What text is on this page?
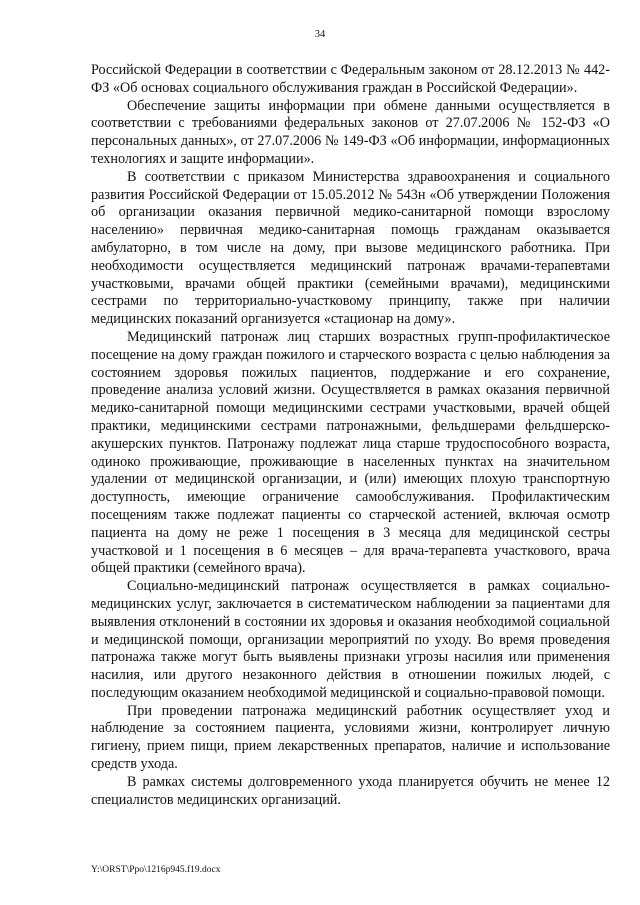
34

Российской Федерации в соответствии с Федеральным законом от 28.12.2013 № 442-ФЗ «Об основах социального обслуживания граждан в Российской Федерации».

Обеспечение защиты информации при обмене данными осуществляется в соответствии с требованиями федеральных законов от 27.07.2006 № 152-ФЗ «О персональных данных», от 27.07.2006 № 149-ФЗ «Об информации, информационных технологиях и защите информации».

В соответствии с приказом Министерства здравоохранения и социального развития Российской Федерации от 15.05.2012 № 543н «Об утверждении Положения об организации оказания первичной медико-санитарной помощи взрослому населению» первичная медико-санитарная помощь гражданам оказывается амбулаторно, в том числе на дому, при вызове медицинского работника. При необходимости осуществляется медицинский патронаж врачами-терапевтами участковыми, врачами общей практики (семейными врачами), медицинскими сестрами по территориально-участковому принципу, также при наличии медицинских показаний организуется «стационар на дому».

Медицинский патронаж лиц старших возрастных групп-профилактическое посещение на дому граждан пожилого и старческого возраста с целью наблюдения за состоянием здоровья пожилых пациентов, поддержание и его сохранение, проведение анализа условий жизни. Осуществляется в рамках оказания первичной медико-санитарной помощи медицинскими сестрами участковыми, врачей общей практики, медицинскими сестрами патронажными, фельдшерами фельдшерско-акушерских пунктов. Патронажу подлежат лица старше трудоспособного возраста, одиноко проживающие, проживающие в населенных пунктах на значительном удалении от медицинской организации, и (или) имеющих плохую транспортную доступность, имеющие ограничение самообслуживания. Профилактическим посещениям также подлежат пациенты со старческой астенией, включая осмотр пациента на дому не реже 1 посещения в 3 месяца для медицинской сестры участковой и 1 посещения в 6 месяцев – для врача-терапевта участкового, врача общей практики (семейного врача).

Социально-медицинский патронаж осуществляется в рамках социально-медицинских услуг, заключается в систематическом наблюдении за пациентами для выявления отклонений в состоянии их здоровья и оказания необходимой социальной и медицинской помощи, организации мероприятий по уходу. Во время проведения патронажа также могут быть выявлены признаки угрозы насилия или применения насилия, или другого незаконного действия в отношении пожилых людей, с последующим оказанием необходимой медицинской и социально-правовой помощи.

При проведении патронажа медицинский работник осуществляет уход и наблюдение за состоянием пациента, условиями жизни, контролирует личную гигиену, прием пищи, прием лекарственных препаратов, наличие и использование средств ухода.

В рамках системы долговременного ухода планируется обучить не менее 12 специалистов медицинских организаций.

Y:\ORST\Ppo\1216p945.f19.docx
